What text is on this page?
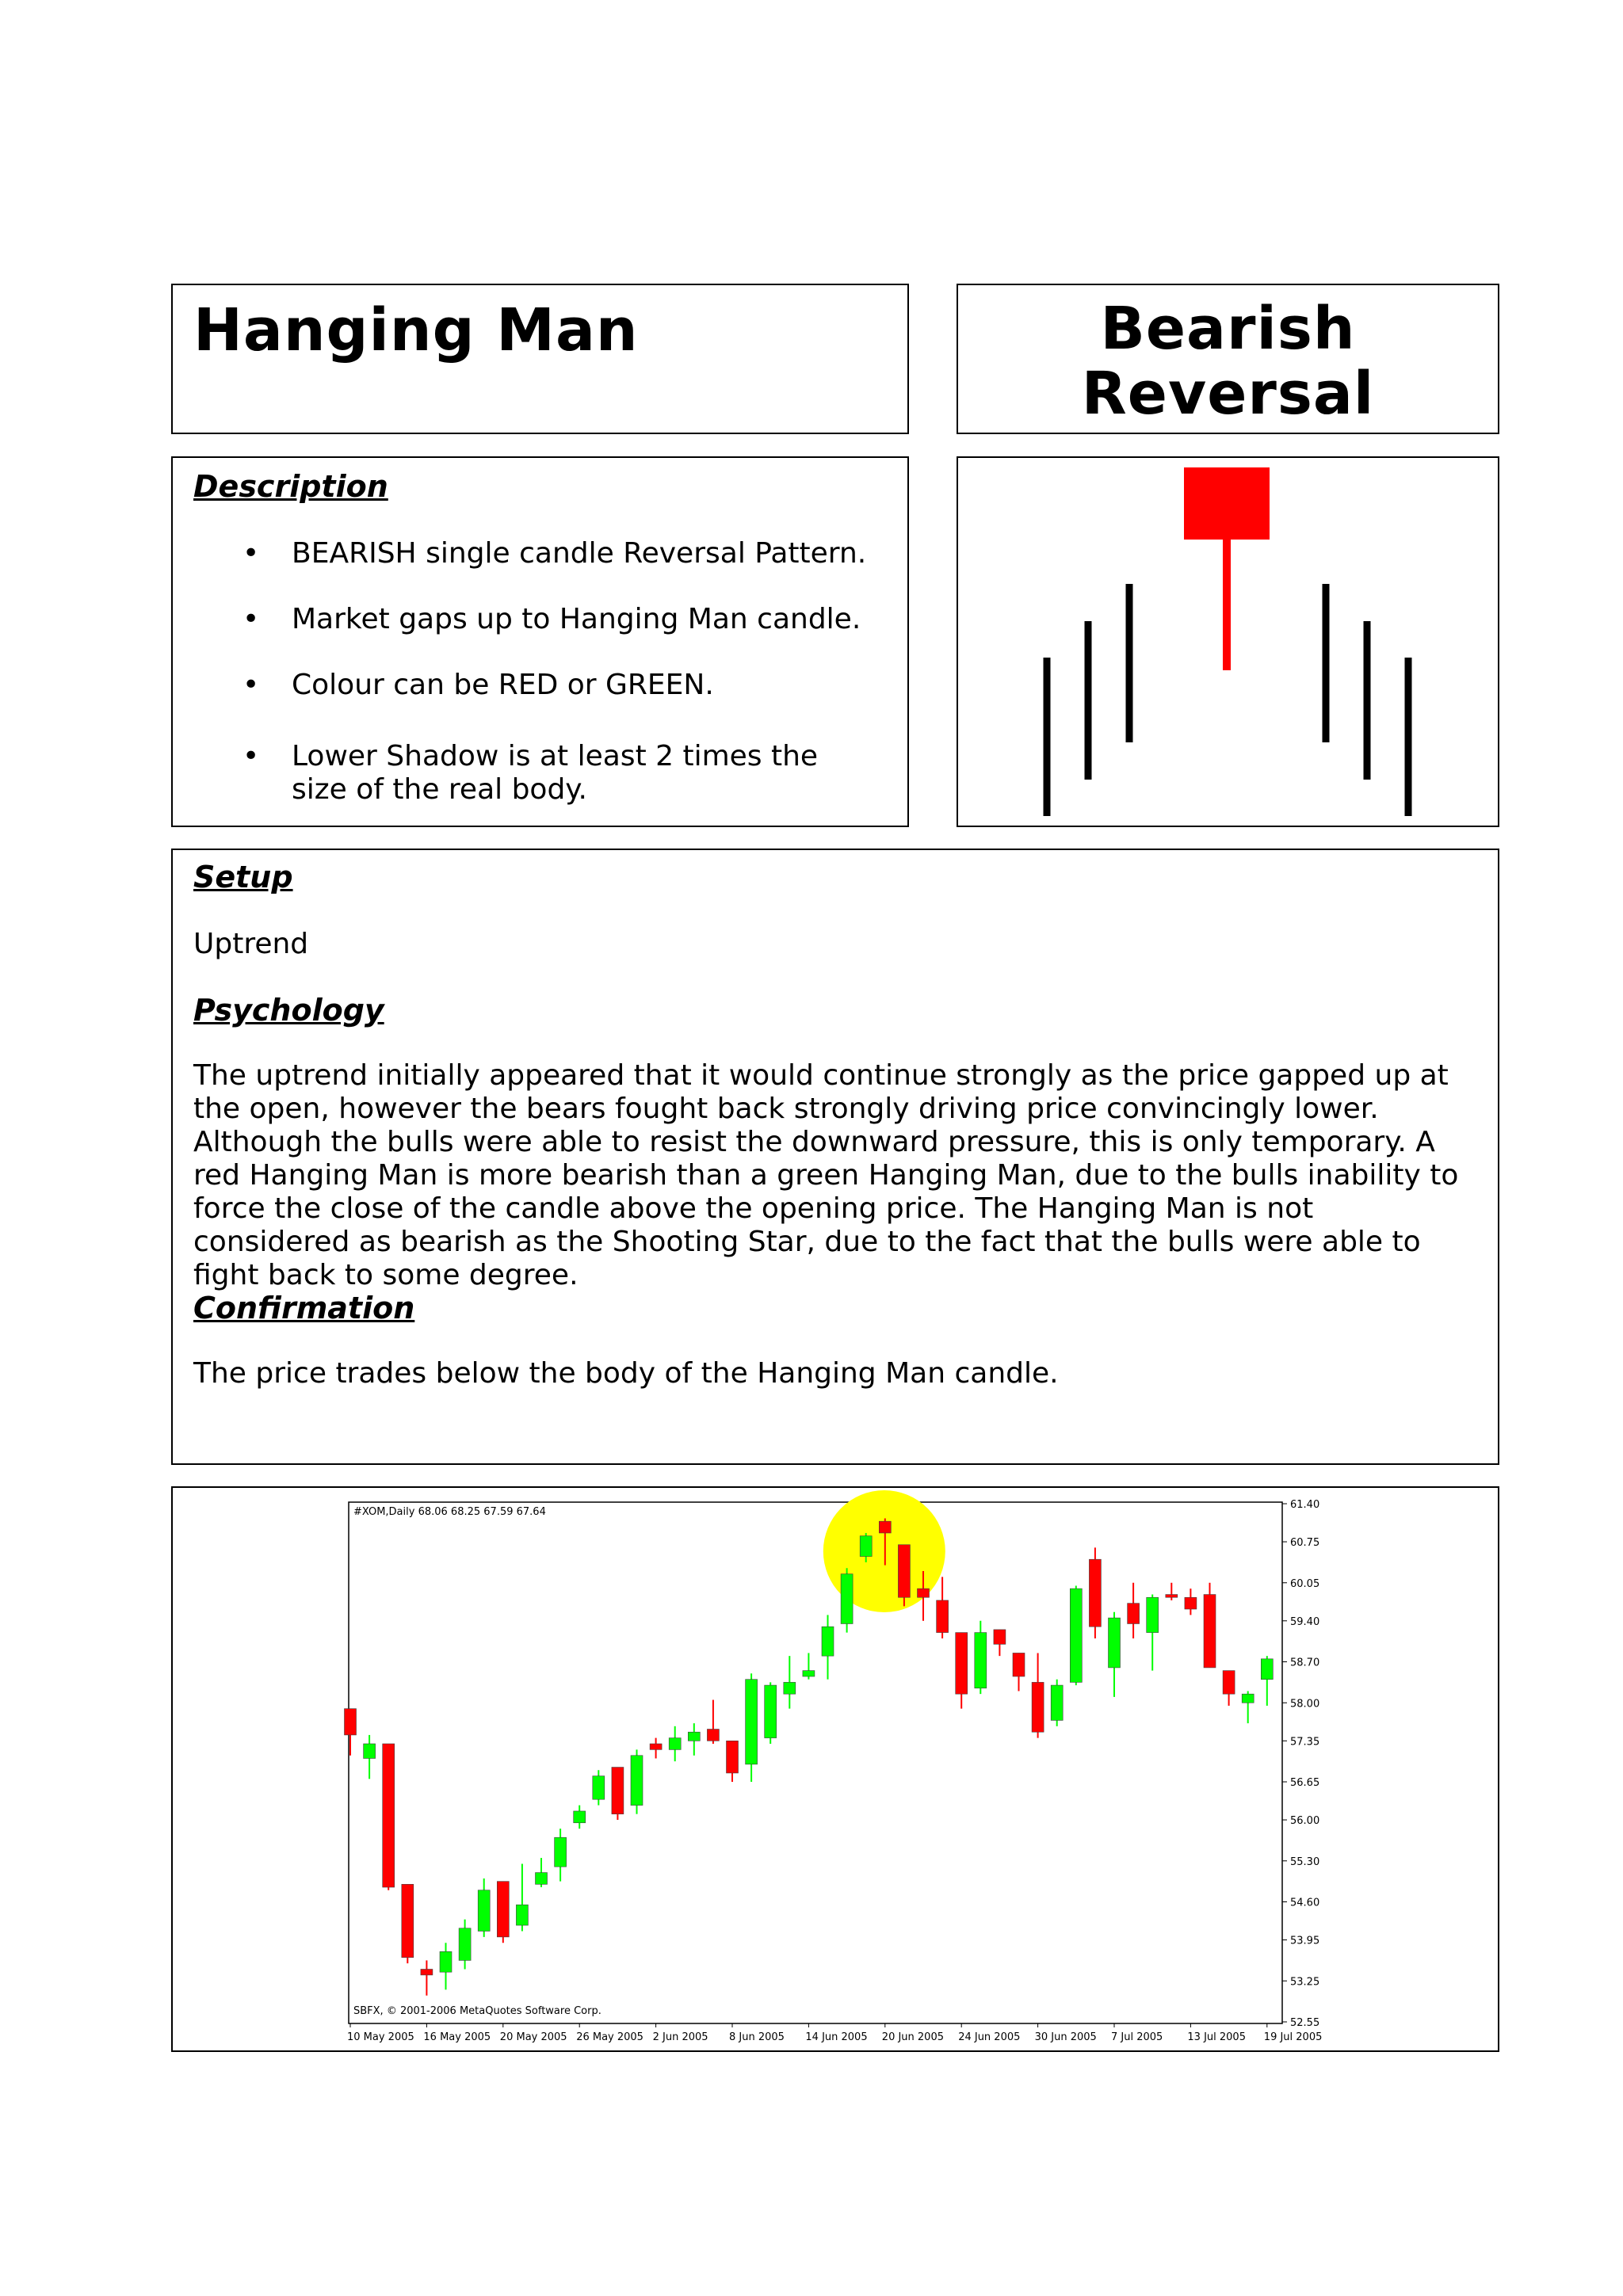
Hanging Man	Bearish
Reversal
Description
• BEARISH single candle Reversal Pattern.
• Market gaps up to Hanging Man candle.
• Colour can be RED or GREEN.
• Lower Shadow is at least 2 times the size of the real body.
Setup

Uptrend

Psychology

The uptrend initially appeared that it would continue strongly as the price gapped up at the open, however the bears fought back strongly driving price convincingly lower. Although the bulls were able to resist the downward pressure, this is only temporary. A red Hanging Man is more bearish than a green Hanging Man, due to the bulls inability to force the close of the candle above the opening price. The Hanging Man is not considered as bearish as the Shooting Star, due to the fact that the bulls were able to fight back to some degree.

Confirmation

The price trades below the body of the Hanging Man candle.

61.40
60.75
60.05
59.40
58.70
58.00
57.35
56.65
56.00
55.30
54.60
53.95
53.25
52.55
10 May 2005 16 May 2005 20 May 2005 26 May 2005 2 Jun 2005 8 Jun 2005 14 Jun 2005 20 Jun 2005 24 Jun 2005 30 Jun 2005 7 Jul 2005 13 Jul 2005 19 Jul 2005
#XOM,Daily 68.06 68.25 67.59 67.64
SBFX, © 2001-2006 MetaQuotes Software Corp.
